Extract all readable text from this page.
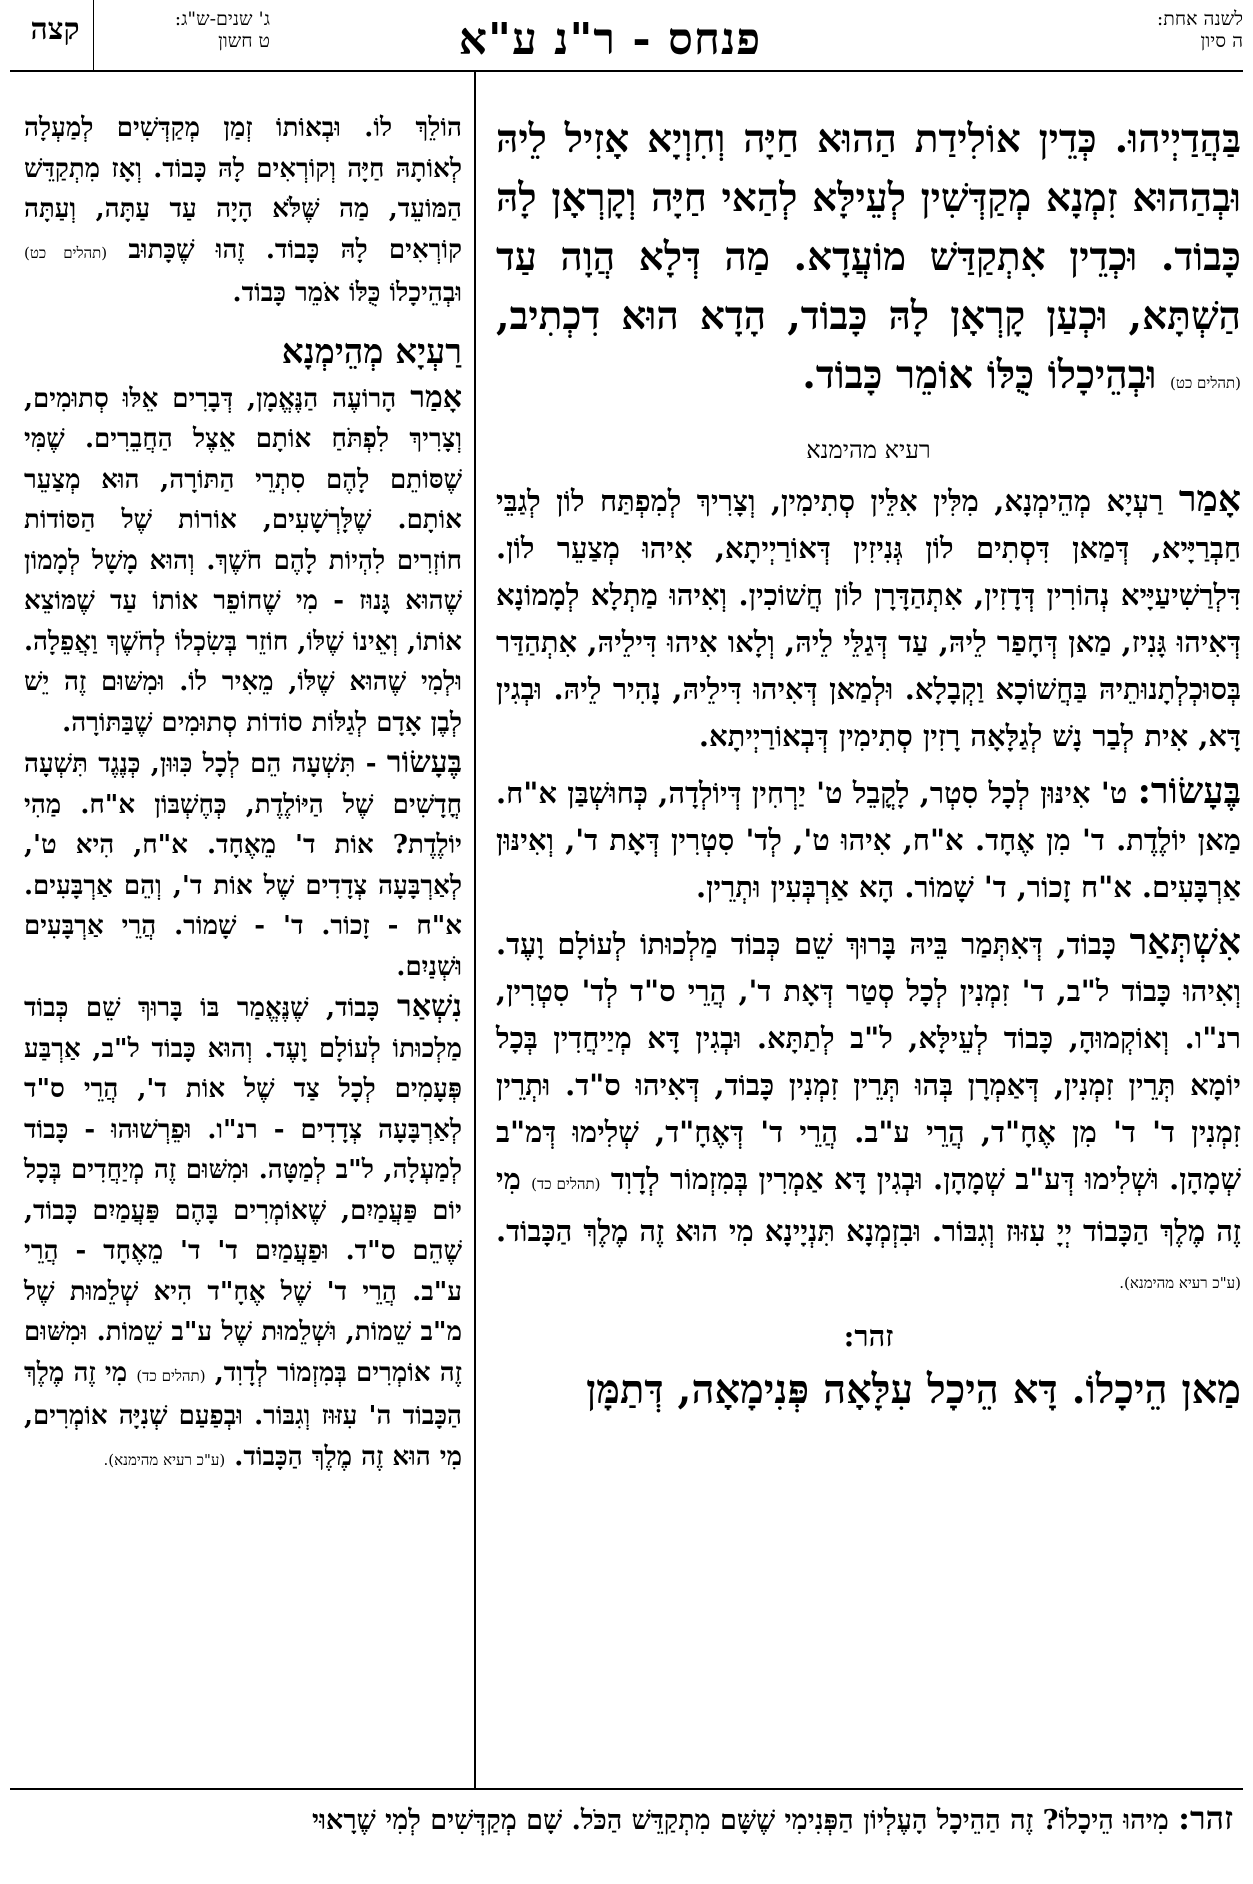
לשנה אחת:
ה סיון
פנחס - ר"נ ע"א
ג' שנים-ש"ג:
ט חשון
קצה

בַּהֲדַיְיהוּ. כְּדֵין אוֹלִידַת הַהוּא חַיָּה וְחִוְיָא אָזִיל לֵיהּ וּבְהַהוּא זִמְנָא מְקַדְּשִׁין לְעֵילָּא לְהַאי חַיָּה וְקָרְאָן לָהּ כָּבוֹד. וּכְדֵין אִתְקַדַּשׁ מוֹעֲדָא. מַה דְּלָא הֲוָה עַד הַשְׁתָּא, וּכְעַן קָרְאָן לָהּ כָּבוֹד, הָדָא הוּא דִכְתִיב, (תהלים כט) וּבְהֵיכָלוֹ כֻּלּוֹ אוֹמֵר כָּבוֹד.

רעיא מהימנא

אָמַר רַעְיָא מְהֵימְנָא, מִלִּין אִלֵּין סְתִימִין, וְצָרִיךְ לְמִפְתַּח לוֹן לְגַבֵּי חַבְרַיָּיא, דְּמַאן דִּסְתִים לוֹן גְּנִיזִין דְּאוֹרַיְיתָא, אִיהוּ מְצַעֵר לוֹן. דִּלְרַשִׁיעַיָּיא נְהוֹרִין דְּדָזִין, אִתְהַדָּרָן לוֹן חֲשׁוֹכִין. וְאִיהוּ מַתְלָא לְמָמוֹנָא דְּאִיהוּ גָּנִיז, מַאן דְּחָפַר לֵיהּ, עַד דְּגַלֵּי לֵיהּ, וְלָאו אִיהוּ דִּילֵיהּ, אִתְהַדַּר בְּסוּכְלְתָנוּתֵיהּ בַּחֲשׁוֹכָא וַקְבָלָא. וּלְמַאן דְּאִיהוּ דִּילֵיהּ, נָהִיר לֵיהּ. וּבְגִין דָּא, אִית לְבַר נָשׁ לְגַלָּאָה רָזִין סְתִימִין דְּבְאוֹרַיְיתָא.

בֶּעָשׂוֹר: ט' אִינּוּן לְכָל סִטְר, לָקֳבֵל ט' יַרְחִין דְּיוֹלְדָה, כְּחוּשְׁבַּן א"ח. מַאן יוֹלֶדֶת. ד' מִן אֶחָד. א"ח, אִיהוּ ט', לְד' סִטְרִין דְּאָת ד', וְאִינּוּן אַרְבָּעִים. א"ח זָכוֹר, ד' שָׁמוֹר. הָא אַרְבְּעִין וּתְרֵין.

אִשְׁתְּאַר כָּבוֹד, דְּאִתְּמַר בֵּיהּ בָּרוּךְ שֵׁם כְּבוֹד מַלְכוּתוֹ לְעוֹלָם וָעֶד. וְאִיהוּ כָּבוֹד ל"ב, ד' זִמְנִין לְכָל סְטַר דְּאָת ד', הֲרֵי ס"ד לְד' סִטְרִין, רנ"ו. וְאוֹקְמוּהָ, כָּבוֹד לְעֵילָּא, ל"ב לְתַתָּא. וּבְגִין דָּא מְיַיחֲדִין בְּכָל יוֹמָא תְּרֵין זִמְנִין, דְּאַמְרָן בְּהוּ תְּרֵין זִמְנִין כָּבוֹד, דְּאִיהוּ ס"ד. וּתְרֵין זִמְנִין ד' ד' מִן אֶחָ"ד, הֲרֵי ע"ב. הֲרֵי ד' דְּאֶחָ"ד, שְׁלִימוּ דְּמ"ב שְׁמָהָן. וּשְׁלִימוּ דְּע"ב שְׁמָהָן. וּבְגִין דָּא אַמְרִין בְּמִזְמוֹר לְדָוִד (תהלים כד) מִי זֶה מֶלֶךְ הַכָּבוֹד יְיָ עִזּוּז וְגִבּוֹר. וּבִזְמְנָא תִּנְיָינָא מִי הוּא זֶה מֶלֶךְ הַכָּבוֹד. (ע"כ רעיא מהימנא).

זהר:

מַאן הֵיכָלוֹ. דָּא הֵיכָל עִלָּאָה פְּנִימָאָה, דְּתַמָּן

הוֹלֵךְ לוֹ. וּבְאוֹתוֹ זְמַן מְקַדְּשִׁים לְמַעְלָה לְאוֹתָהּ חַיָּה וְקוֹרְאִים לָהּ כָּבוֹד. וְאָז מִתְקַדֵּשׁ הַמּוֹעֵד, מַה שֶּׁלֹּא הָיָה עַד עַתָּה, וְעַתָּה קוֹרְאִים לָהּ כָּבוֹד. זֶהוּ שֶׁכָּתוּב (תהלים כט) וּבְהֵיכָלוֹ כֻּלּוֹ אֹמֵר כָּבוֹד.

רַעְיָא מְהֵימְנָא

אָמַר הָרוֹעֶה הַנֶּאֱמָן, דְּבָרִים אֵלּוּ סְתוּמִים, וְצָרִיךְ לִפְתֹּחַ אוֹתָם אֵצֶל הַחֲבֵרִים. שֶׁמִּי שֶׁסּוֹתֵם לָהֶם סִתְרֵי הַתּוֹרָה, הוּא מְצַעֵר אוֹתָם. שֶׁלָּרְשָׁעִים, אוֹרוֹת שֶׁל הַסּוֹדוֹת חוֹזְרִים לִהְיוֹת לָהֶם חֹשֶׁךְ. וְהוּא מָשָׁל לְמָמוֹן שֶׁהוּא גָּנוּז - מִי שֶׁחוֹפֵר אוֹתוֹ עַד שֶׁמּוֹצֵא אוֹתוֹ, וְאֵינוֹ שֶׁלּוֹ, חוֹזֵר בְּשִׂכְלוֹ לְחֹשֶׁךְ וַאֲפֵלָה. וּלְמִי שֶׁהוּא שֶׁלּוֹ, מֵאִיר לוֹ. וּמִשּׁוּם זֶה יֵשׁ לְבֶן אָדָם לְגַלּוֹת סוֹדוֹת סְתוּמִים שֶׁבַּתּוֹרָה.

בֶּעָשׂוֹר - תִּשְׁעָה הֵם לְכָל כִּוּוּן, כְּנֶגֶד תִּשְׁעָה חֳדָשִׁים שֶׁל הַיּוֹלֶדֶת, כְּחֶשְׁבּוֹן א"ח. מַהִי יוֹלֶדֶת? אוֹת ד' מֵאֶחָד. א"ח, הִיא ט', לְאַרְבָּעָה צְדָדִים שֶׁל אוֹת ד', וְהֵם אַרְבָּעִים. א"ח - זָכוֹר. ד' - שָׁמוֹר. הֲרֵי אַרְבָּעִים וּשְׁנַיִם.

נִשְׁאַר כָּבוֹד, שֶׁנֶּאֱמַר בּוֹ בָּרוּךְ שֵׁם כְּבוֹד מַלְכוּתוֹ לְעוֹלָם וָעֶד. וְהוּא כָּבוֹד ל"ב, אַרְבַּע פְּעָמִים לְכָל צַד שֶׁל אוֹת ד', הֲרֵי ס"ד לְאַרְבָּעָה צְדָדִים - רנ"ו. וּפֵרְשׁוּהוּ - כָּבוֹד לְמַעְלָה, ל"ב לְמַטָּה. וּמִשּׁוּם זֶה מְיַחֲדִים בְּכָל יוֹם פַּעֲמַיִם, שֶׁאוֹמְרִים בָּהֶם פַּעֲמַיִם כָּבוֹד, שֶׁהֵם ס"ד. וּפַעֲמַיִם ד' ד' מֵאֶחָד - הֲרֵי ע"ב. הֲרֵי ד' שֶׁל אֶחָ"ד הִיא שְׁלֵמוּת שֶׁל מ"ב שֵׁמוֹת, וּשְׁלֵמוּת שֶׁל ע"ב שֵׁמוֹת. וּמִשּׁוּם זֶה אוֹמְרִים בְּמִזְמוֹר לְדָוִד, (תהלים כד) מִי זֶה מֶלֶךְ הַכָּבוֹד ה' עִזּוּז וְגִבּוֹר. וּבְפַעַם שְׁנִיָּה אוֹמְרִים, מִי הוּא זֶה מֶלֶךְ הַכָּבוֹד. (ע"כ רעיא מהימנא).

זהר: מִיהוּ הֵיכָלוֹ? זֶה הַהֵיכָל הָעֶלְיוֹן הַפְּנִימִי שֶׁשָּׁם מִתְקַדֵּשׁ הַכֹּל. שָׁם מְקַדְּשִׁים לְמִי שֶׁרָאוּי
